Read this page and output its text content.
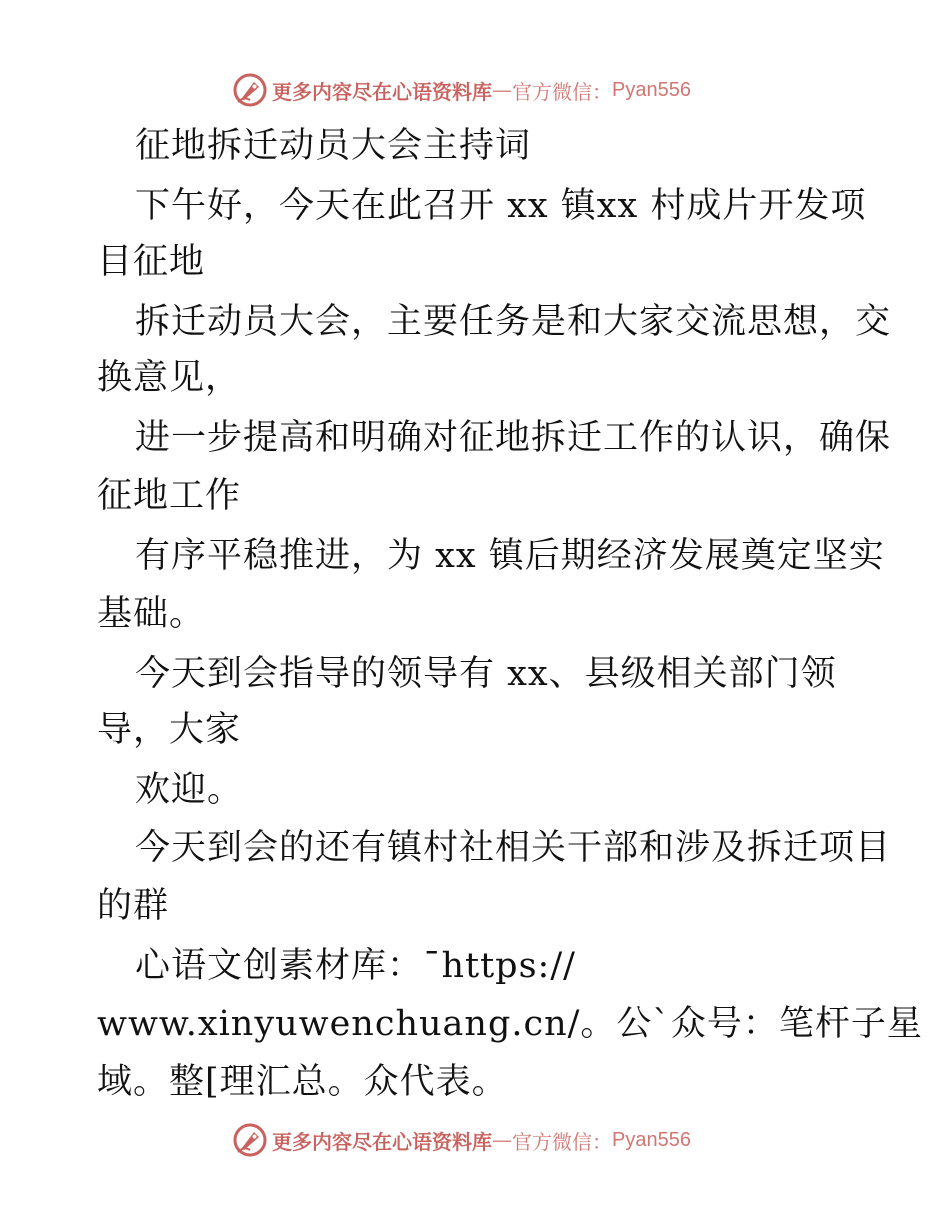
更多内容尽在心语资料库 — 官方微信： Pyan556
征地拆迁动员大会主持词
下午好，今天在此召开 xx 镇xx 村成片开发项
目征地
拆迁动员大会，主要任务是和大家交流思想，交
换意见，
进一步提高和明确对征地拆迁工作的认识，确保
征地工作
有序平稳推进，为 xx 镇后期经济发展奠定坚实
基础。
今天到会指导的领导有 xx、县级相关部门领
导，大家
欢迎。
今天到会的还有镇村社相关干部和涉及拆迁项目
的群
心语文创素材库：¯https://
www.xinyuwenchuang.cn/。公`众号：笔杆子星
域。整[理汇总。众代表。
更多内容尽在心语资料库 — 官方微信： Pyan556
